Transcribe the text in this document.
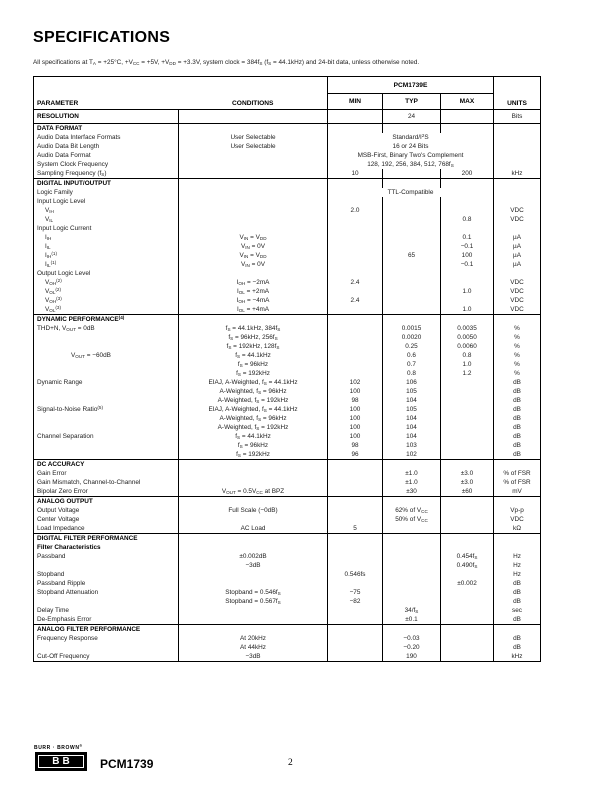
SPECIFICATIONS
All specifications at $T_A = +25^\circ C$, $+V_{CC} = +5V$, $+V_{DD} = +3.3V$, system clock = $384f_S$ $(f_S = 44.1kHz)$ and 24-bit data, unless otherwise noted.
PARAMETER	CONDITIONS	PCM1739E			UNITS
		MIN	TYP	MAX	
RESOLUTION			24		Bits
DATA FORMAT					
Audio Data Interface Formats	User Selectable	Standard/$I^2S$			
Audio Data Bit Length	User Selectable	16 or 24 Bits			
Audio Data Format		MSB-First, Binary Two's Complement			
System Clock Frequency		128, 192, 256, 384, 512, $768f_S$	
Sampling Frequency $(f_S)$		10		200	kHz
DIGITAL INPUT/OUTPUT					
Logic Family		TTL-Compatible			
Input Logic Level					
$V_{IH}$		2.0			VDC
$V_{IL}$				0.8	VDC
Input Logic Current					
$I_{IH}$	$V_{IN} = V_{DD}$			0.1	µA
$I_{IL}$	$V_{IN} = 0V$			−0.1	µA
$I_{IH}^{(1)}$	$V_{IN} = V_{DD}$		65	100	µA
$I_{IL}^{(1)}$	$V_{IN} = 0V$			−0.1	µA
Output Logic Level					
$V_{OH}^{(2)}$	$I_{OH} = -2mA$	2.4			VDC
$V_{OL}^{(2)}$	$I_{OL} = +2mA$			1.0	VDC
$V_{OH}^{(3)}$	$I_{OH} = -4mA$	2.4			VDC
$V_{OL}^{(3)}$	$I_{OL} = +4mA$			1.0	VDC
DYNAMIC PERFORMANCE$^{(4)}$					
THD+N, $V_{OUT} = 0dB$	$f_S = 44.1kHz$, $384f_S$		0.0015	0.0035	%
	$f_S = 96kHz$, $256f_S$		0.0020	0.0050	%
	$f_S = 192kHz$, $128f_S$		0.25	0.0060	%
$V_{OUT} = -60dB$	$f_S = 44.1kHz$		0.6	0.8	%
	$f_S = 96kHz$		0.7	1.0	%
	$f_S = 192kHz$		0.8	1.2	%
Dynamic Range	EIAJ, A-Weighted, $f_S = 44.1kHz$	102	106		dB
	A-Weighted, $f_S = 96kHz$	100	105		dB
	A-Weighted, $f_S = 192kHz$	98	104		dB
Signal-to-Noise Ratio$^{(5)}$	EIAJ, A-Weighted, $f_S = 44.1kHz$	100	105		dB
	A-Weighted, $f_S = 96kHz$	100	104		dB
	A-Weighted, $f_S = 192kHz$	100	104		dB
Channel Separation	$f_S = 44.1kHz$	100	104		dB
	$f_S = 96kHz$	98	103		dB
	$f_S = 192kHz$	96	102		dB
DC ACCURACY					
Gain Error			±1.0	±3.0	% of FSR
Gain Mismatch, Channel-to-Channel			±1.0	±3.0	% of FSR
Bipolar Zero Error	$V_{OUT} = 0.5V_{CC}$ at BPZ		±30	±60	mV
ANALOG OUTPUT					
Output Voltage	Full Scale (−0dB)		62% of $V_{CC}$		Vp-p
Center Voltage			50% of $V_{CC}$		VDC
Load Impedance	AC Load	5			kΩ
DIGITAL FILTER PERFORMANCE					
Filter Characteristics					
Passband	±0.002dB			$0.454f_S$	Hz
	−3dB			$0.490f_S$	Hz
Stopband		0.546fs			Hz
Passband Ripple				±0.002	dB
Stopband Attenuation	Stopband = $0.546f_S$	−75			dB
	Stopband = $0.567f_S$	−82			dB
Delay Time			$34/f_S$		sec
De-Emphasis Error			±0.1		dB
ANALOG FILTER PERFORMANCE					
Frequency Response	At 20kHz		−0.03		dB
	At 44kHz		−0.20		dB
Cut-Off Frequency	−3dB		190		kHz
BURR · BROWN®
BB	PCM1739	2
